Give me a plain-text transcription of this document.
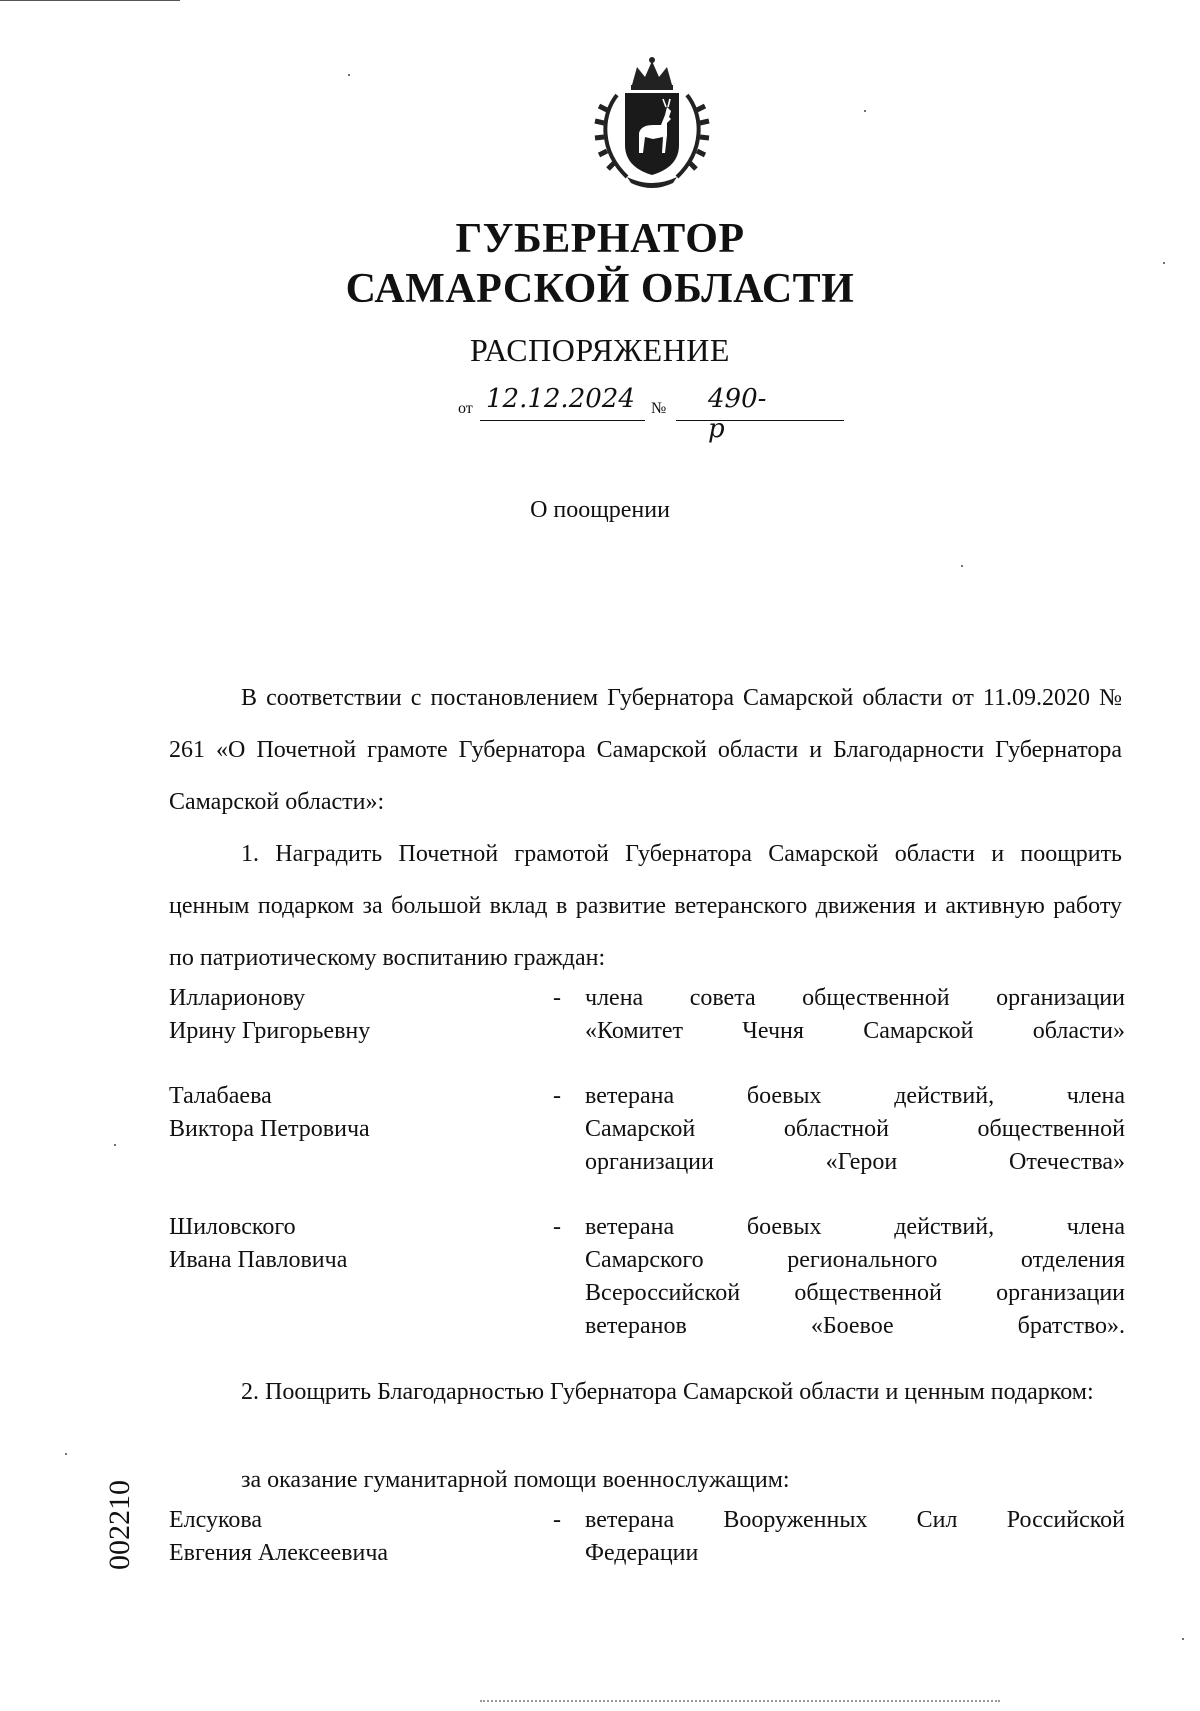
ГУБЕРНАТОР
САМАРСКОЙ ОБЛАСТИ
РАСПОРЯЖЕНИЕ
от 12.12.2024 № 490-р
О поощрении
В соответствии с постановлением Губернатора Самарской области от 11.09.2020 № 261 «О Почетной грамоте Губернатора Самарской области и Благодарности Губернатора Самарской области»:
1. Наградить Почетной грамотой Губернатора Самарской области и поощрить ценным подарком за большой вклад в развитие ветеранского движения и активную работу по патриотическому воспитанию граждан:
Илларионову
Ирину Григорьевну
-	члена совета общественной организации
«Комитет Чечня Самарской области»
Талабаева
Виктора Петровича
-	ветерана боевых действий, члена
Самарской областной общественной
организации «Герои Отечества»
Шиловского
Ивана Павловича
-	ветерана боевых действий, члена
Самарского регионального отделения
Всероссийской общественной организации
ветеранов «Боевое братство».
2. Поощрить Благодарностью Губернатора Самарской области и ценным подарком:
за оказание гуманитарной помощи военнослужащим:
Елсукова
Евгения Алексеевича
-	ветерана Вооруженных Сил Российской
Федерации
002210
